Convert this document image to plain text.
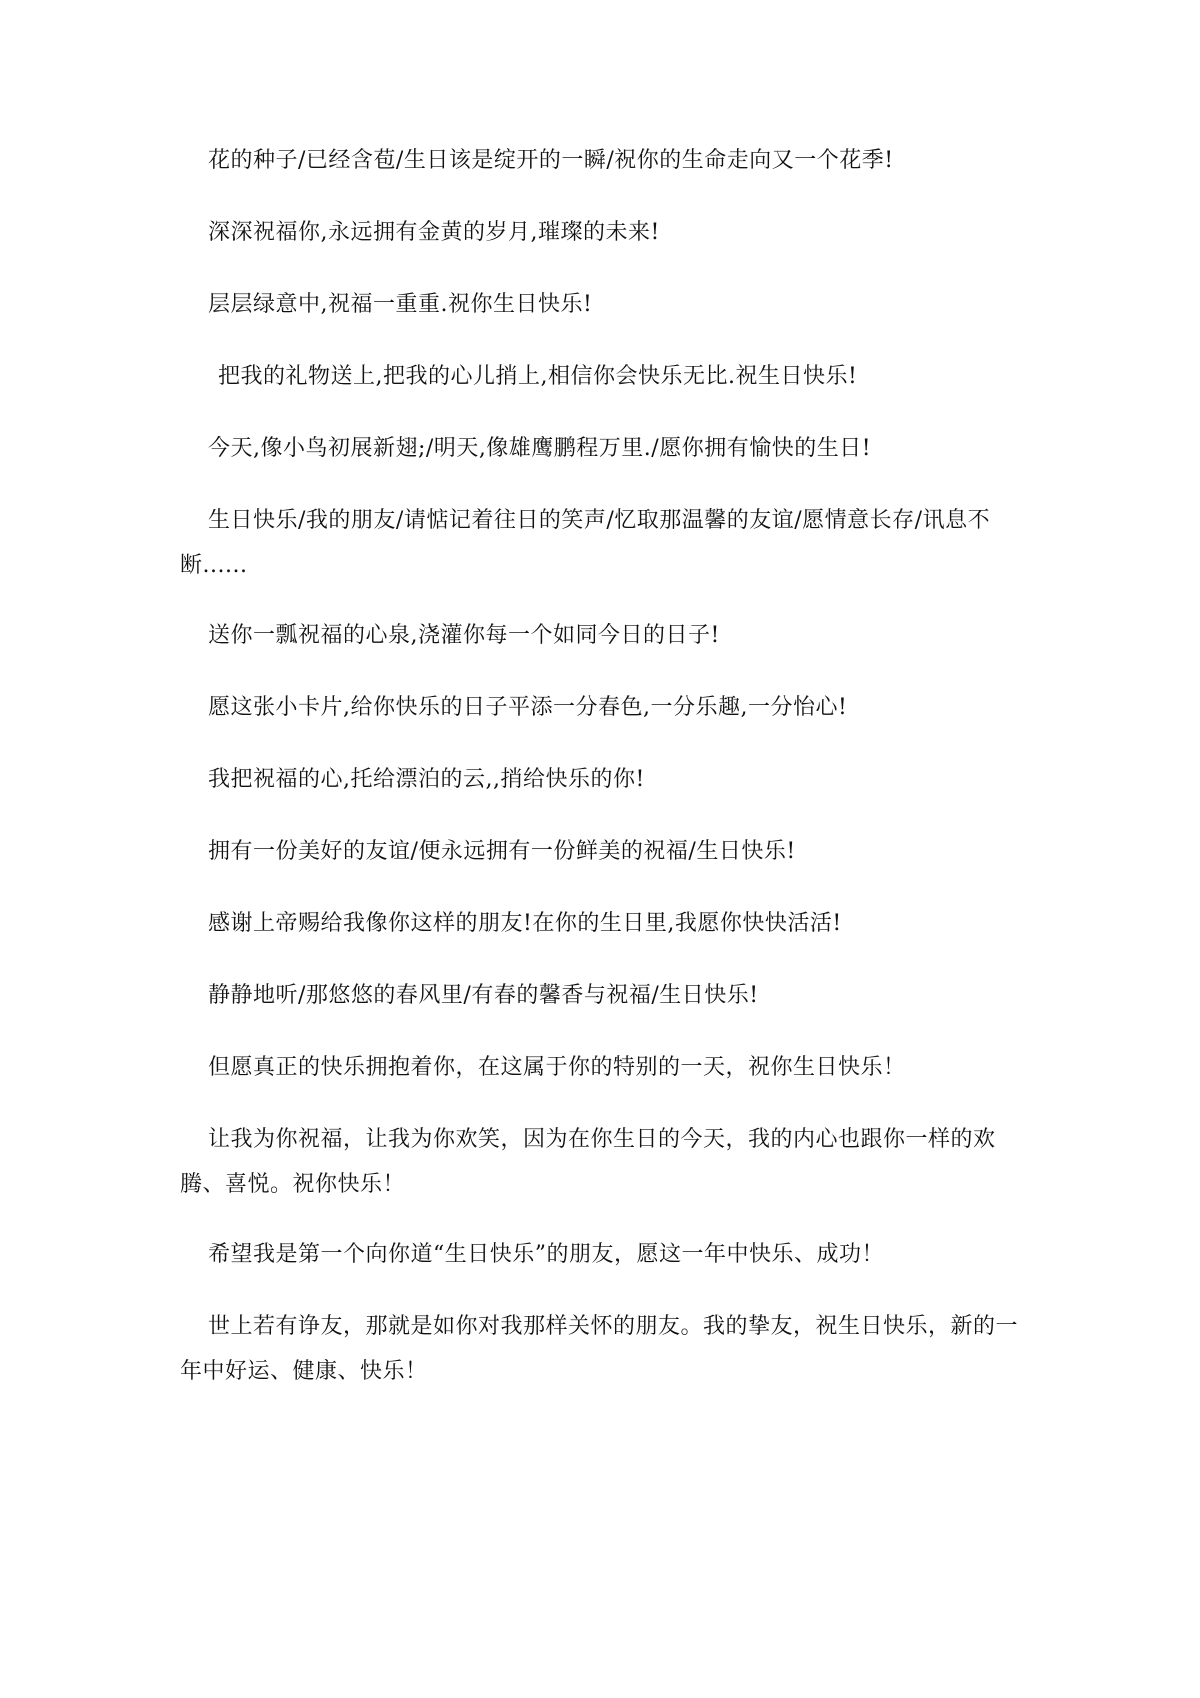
花的种子/已经含苞/生日该是绽开的一瞬/祝你的生命走向又一个花季!

深深祝福你,永远拥有金黄的岁月,璀璨的未来!

层层绿意中,祝福一重重.祝你生日快乐!

把我的礼物送上,把我的心儿捎上,相信你会快乐无比.祝生日快乐!

今天,像小鸟初展新翅;/明天,像雄鹰鹏程万里./愿你拥有愉快的生日!

生日快乐/我的朋友/请惦记着往日的笑声/忆取那温馨的友谊/愿情意长存/讯息不断......

送你一瓢祝福的心泉,浇灌你每一个如同今日的日子!

愿这张小卡片,给你快乐的日子平添一分春色,一分乐趣,一分怡心!

我把祝福的心,托给漂泊的云,,捎给快乐的你!

拥有一份美好的友谊/便永远拥有一份鲜美的祝福/生日快乐!

感谢上帝赐给我像你这样的朋友!在你的生日里,我愿你快快活活!

静静地听/那悠悠的春风里/有春的馨香与祝福/生日快乐!

但愿真正的快乐拥抱着你，在这属于你的特别的一天，祝你生日快乐！

让我为你祝福，让我为你欢笑，因为在你生日的今天，我的内心也跟你一样的欢腾、喜悦。祝你快乐！

希望我是第一个向你道“生日快乐”的朋友，愿这一年中快乐、成功！

世上若有诤友，那就是如你对我那样关怀的朋友。我的挚友，祝生日快乐，新的一年中好运、健康、快乐！
